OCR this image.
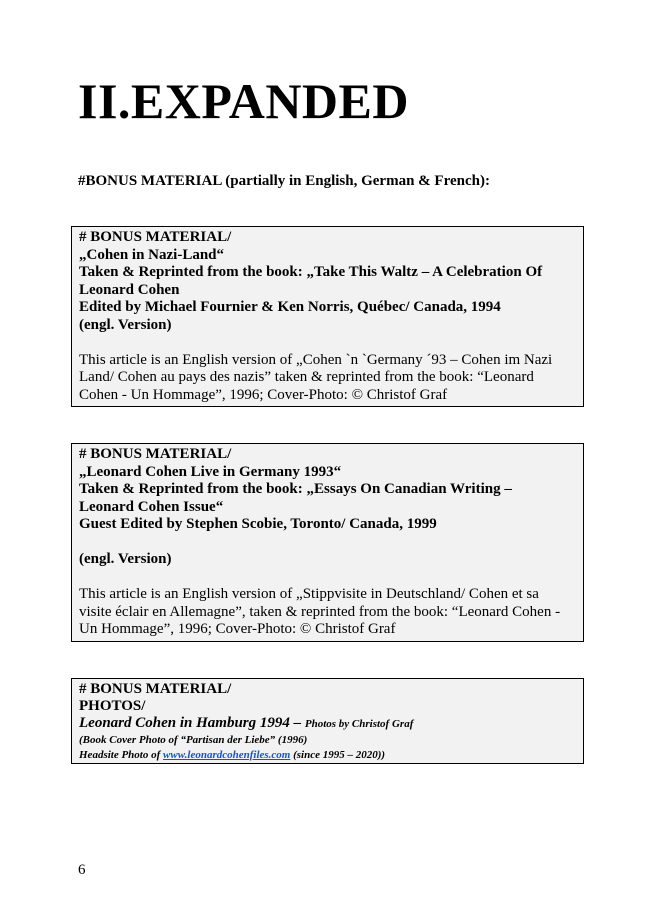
II.EXPANDED
#BONUS MATERIAL (partially in English, German & French):
# BONUS MATERIAL/
„Cohen in Nazi-Land“
Taken & Reprinted from the book: „Take This Waltz – A Celebration Of
Leonard Cohen
Edited by Michael Fournier & Ken Norris, Québec/ Canada, 1994
(engl. Version)
This article is an English version of „Cohen `n `Germany ´93 – Cohen im Nazi
Land/ Cohen au pays des nazis” taken & reprinted from the book: “Leonard
Cohen - Un Hommage”, 1996; Cover-Photo: © Christof Graf
# BONUS MATERIAL/
„Leonard Cohen Live in Germany 1993“
Taken & Reprinted from the book: „Essays On Canadian Writing –
Leonard Cohen Issue“
Guest Edited by Stephen Scobie, Toronto/ Canada, 1999
(engl. Version)
This article is an English version of „Stippvisite in Deutschland/ Cohen et sa
visite éclair en Allemagne”, taken & reprinted from the book: “Leonard Cohen -
Un Hommage”, 1996; Cover-Photo: © Christof Graf
# BONUS MATERIAL/
PHOTOS/
Leonard Cohen in Hamburg 1994 – Photos by Christof Graf
(Book Cover Photo of “Partisan der Liebe” (1996)
Headsite Photo of www.leonardcohenfiles.com (since 1995 – 2020))
6
